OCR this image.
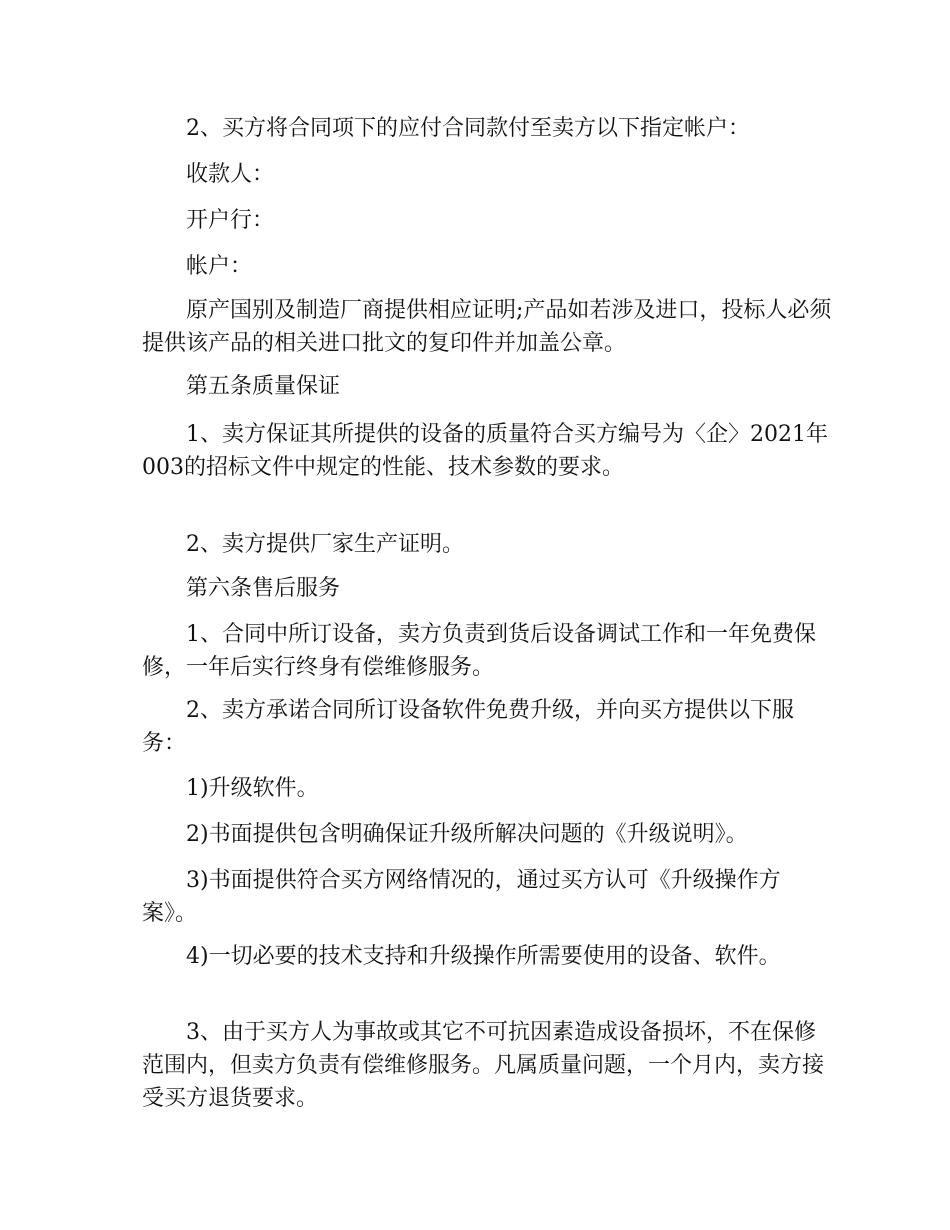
2、买方将合同项下的应付合同款付至卖方以下指定帐户：

收款人：

开户行：

帐户：

原产国别及制造厂商提供相应证明;产品如若涉及进口，投标人必须提供该产品的相关进口批文的复印件并加盖公章。

第五条质量保证

1、卖方保证其所提供的设备的质量符合买方编号为〈企〉2021年003的招标文件中规定的性能、技术参数的要求。

2、卖方提供厂家生产证明。

第六条售后服务

1、合同中所订设备，卖方负责到货后设备调试工作和一年免费保修，一年后实行终身有偿维修服务。

2、卖方承诺合同所订设备软件免费升级，并向买方提供以下服务：

1)升级软件。

2)书面提供包含明确保证升级所解决问题的《升级说明》。

3)书面提供符合买方网络情况的，通过买方认可《升级操作方案》。

4)一切必要的技术支持和升级操作所需要使用的设备、软件。

3、由于买方人为事故或其它不可抗因素造成设备损坏，不在保修范围内，但卖方负责有偿维修服务。凡属质量问题，一个月内，卖方接受买方退货要求。
